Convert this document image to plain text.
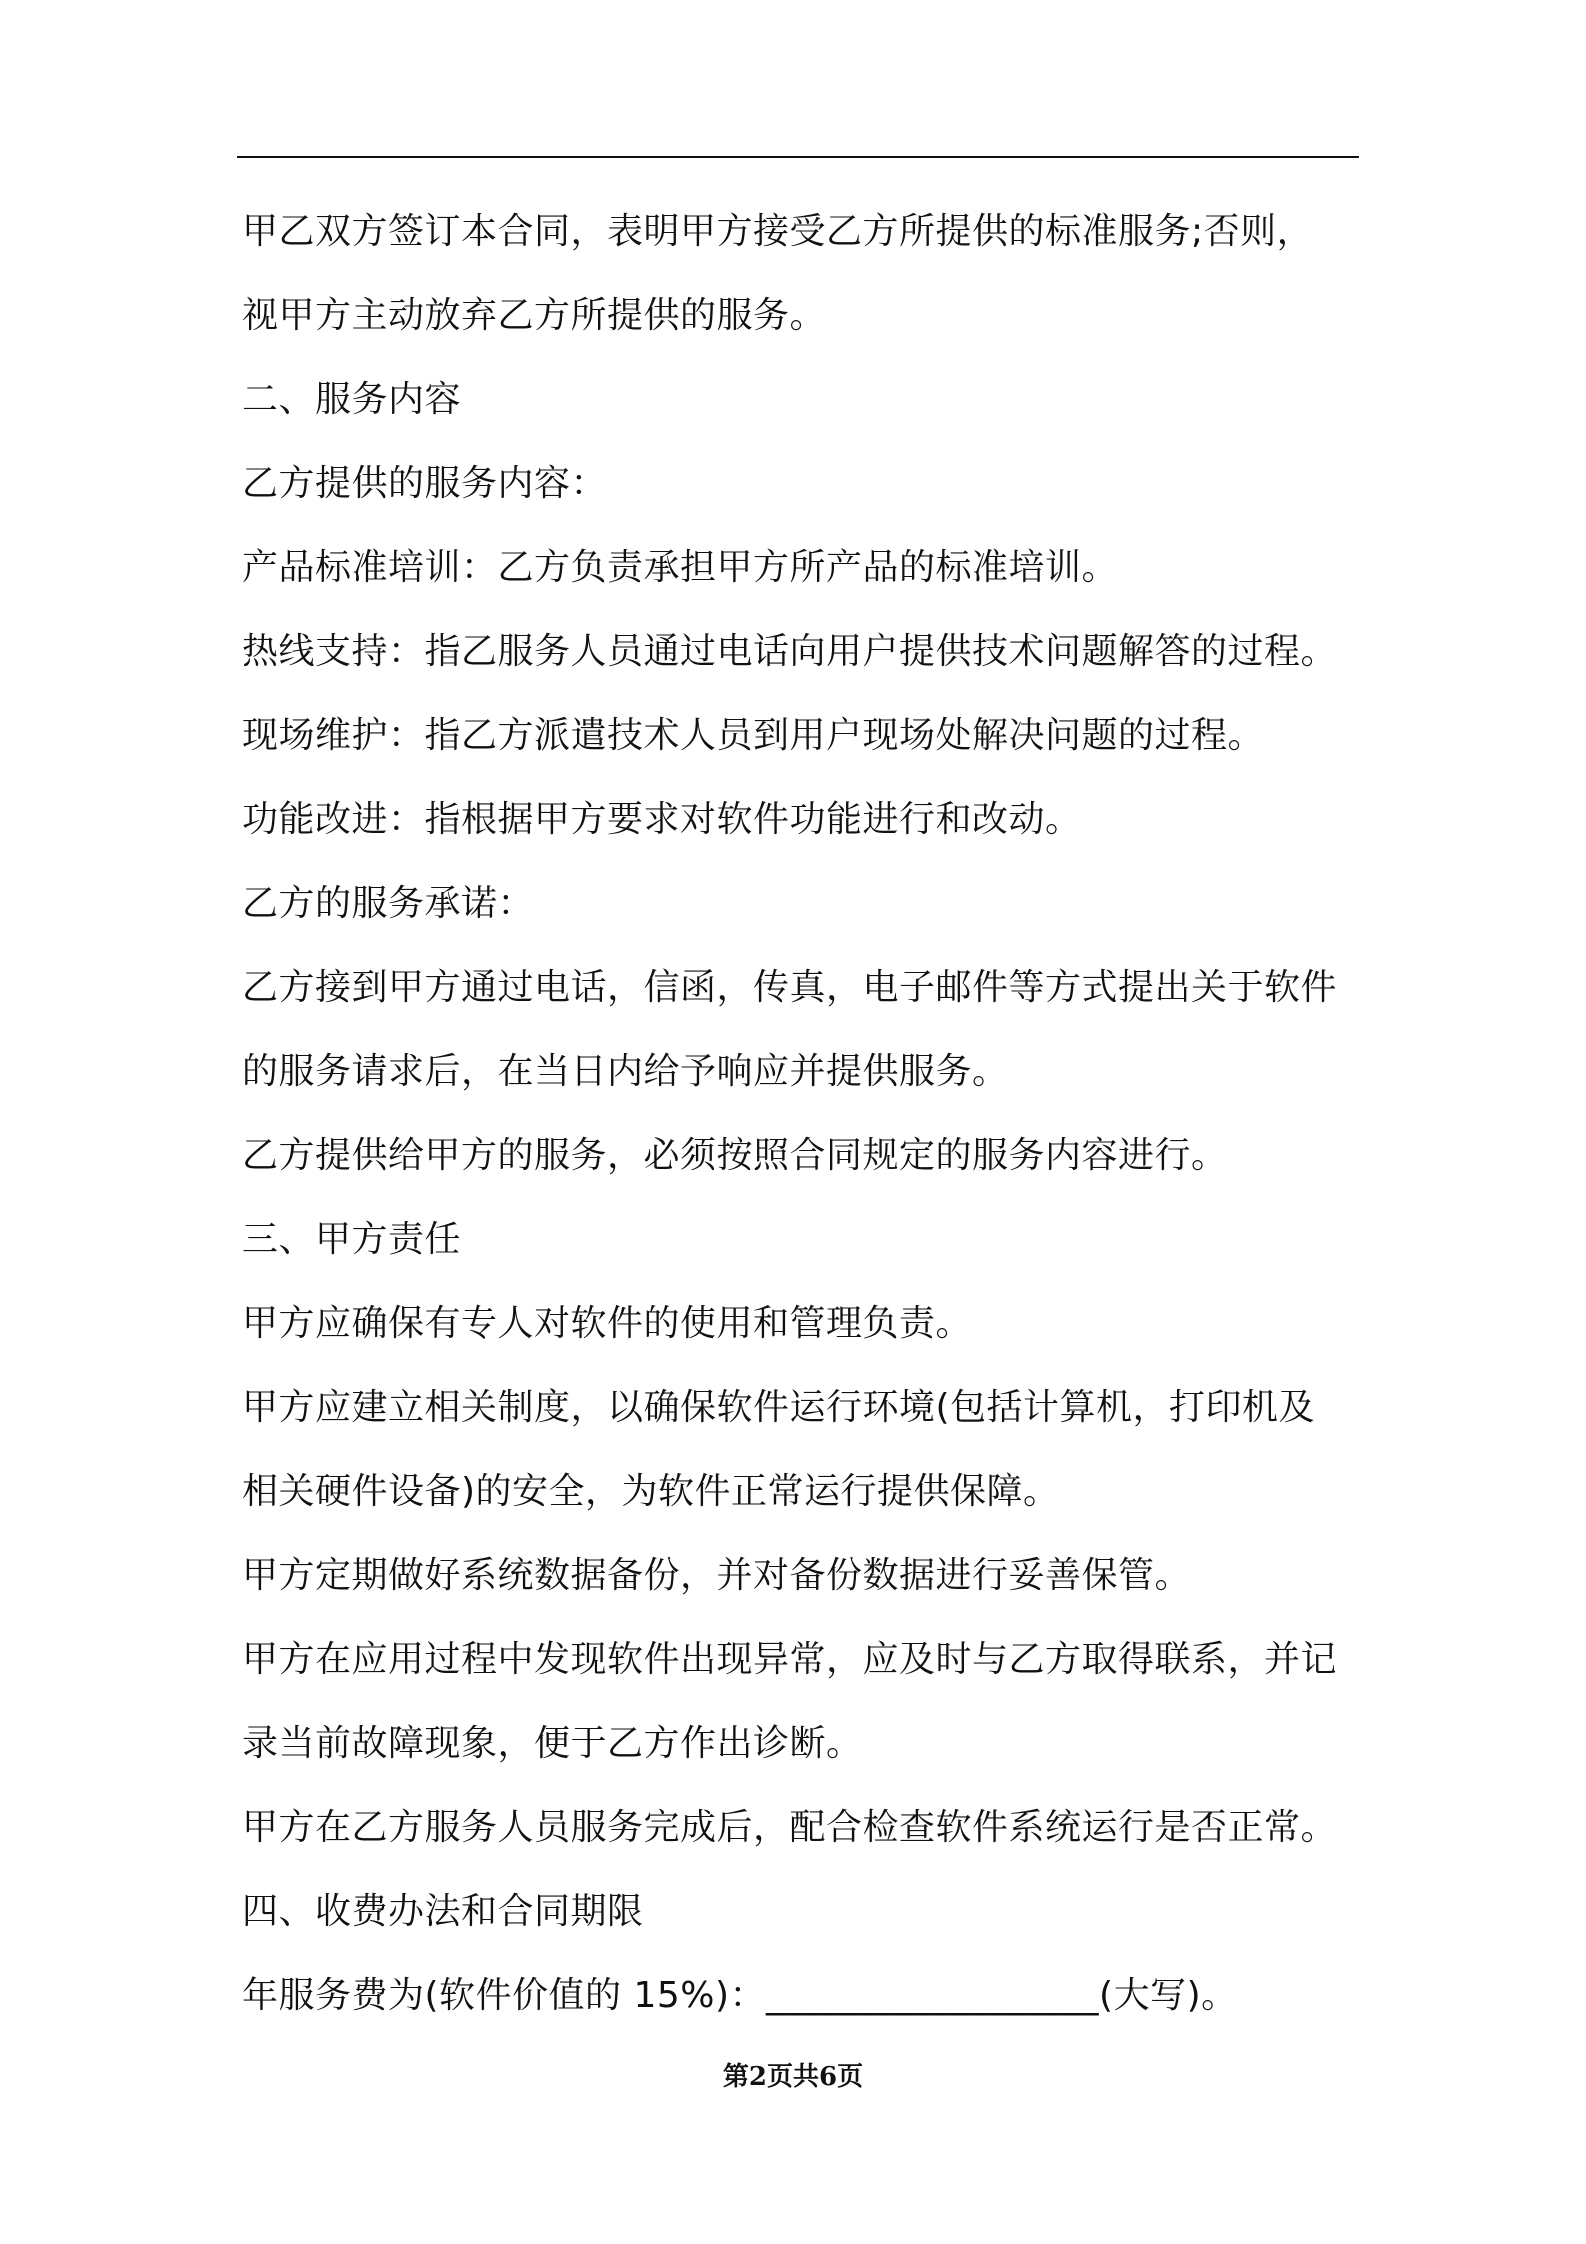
甲乙双方签订本合同，表明甲方接受乙方所提供的标准服务;否则，

视甲方主动放弃乙方所提供的服务。

二、服务内容

乙方提供的服务内容：

产品标准培训：乙方负责承担甲方所产品的标准培训。

热线支持：指乙服务人员通过电话向用户提供技术问题解答的过程。

现场维护：指乙方派遣技术人员到用户现场处解决问题的过程。

功能改进：指根据甲方要求对软件功能进行和改动。

乙方的服务承诺：

乙方接到甲方通过电话，信函，传真，电子邮件等方式提出关于软件

的服务请求后，在当日内给予响应并提供服务。

乙方提供给甲方的服务，必须按照合同规定的服务内容进行。

三、甲方责任

甲方应确保有专人对软件的使用和管理负责。

甲方应建立相关制度，以确保软件运行环境(包括计算机，打印机及

相关硬件设备)的安全，为软件正常运行提供保障。

甲方定期做好系统数据备份，并对备份数据进行妥善保管。

甲方在应用过程中发现软件出现异常，应及时与乙方取得联系，并记

录当前故障现象，便于乙方作出诊断。

甲方在乙方服务人员服务完成后，配合检查软件系统运行是否正常。

四、收费办法和合同期限

年服务费为(软件价值的 15%)：__________________(大写)。

第2页共6页
